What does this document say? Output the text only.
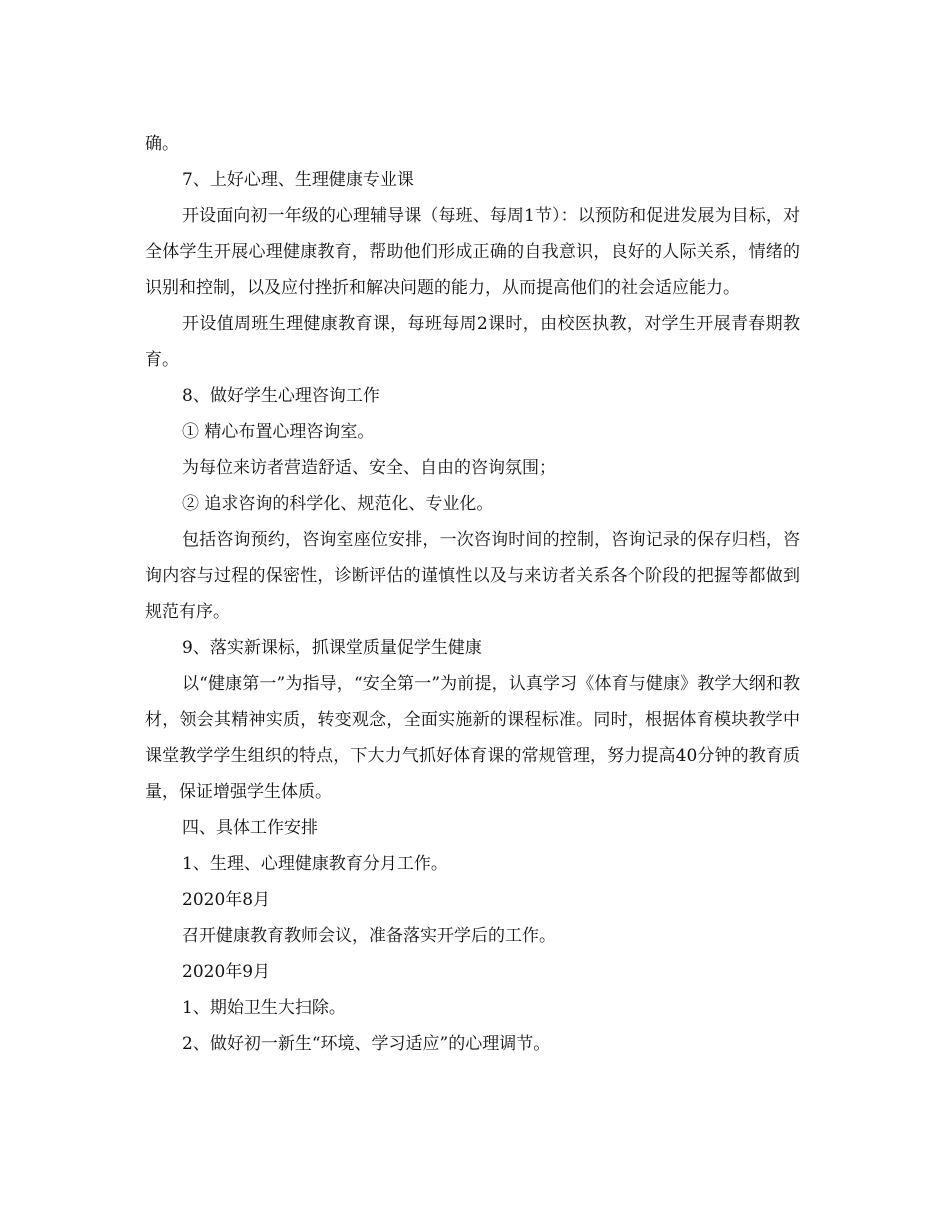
确。

7、上好心理、生理健康专业课

开设面向初一年级的心理辅导课（每班、每周1节）：以预防和促进发展为目标，对全体学生开展心理健康教育，帮助他们形成正确的自我意识，良好的人际关系，情绪的识别和控制，以及应付挫折和解决问题的能力，从而提高他们的社会适应能力。

开设值周班生理健康教育课，每班每周2课时，由校医执教，对学生开展青春期教育。

8、做好学生心理咨询工作

① 精心布置心理咨询室。

为每位来访者营造舒适、安全、自由的咨询氛围；

② 追求咨询的科学化、规范化、专业化。

包括咨询预约，咨询室座位安排，一次咨询时间的控制，咨询记录的保存归档，咨询内容与过程的保密性，诊断评估的谨慎性以及与来访者关系各个阶段的把握等都做到规范有序。

9、落实新课标，抓课堂质量促学生健康

以“健康第一”为指导，“安全第一”为前提，认真学习《体育与健康》教学大纲和教材，领会其精神实质，转变观念，全面实施新的课程标准。同时，根据体育模块教学中课堂教学学生组织的特点，下大力气抓好体育课的常规管理，努力提高40分钟的教育质量，保证增强学生体质。

四、具体工作安排

1、生理、心理健康教育分月工作。

2020年8月

召开健康教育教师会议，准备落实开学后的工作。

2020年9月

1、期始卫生大扫除。

2、做好初一新生“环境、学习适应”的心理调节。
